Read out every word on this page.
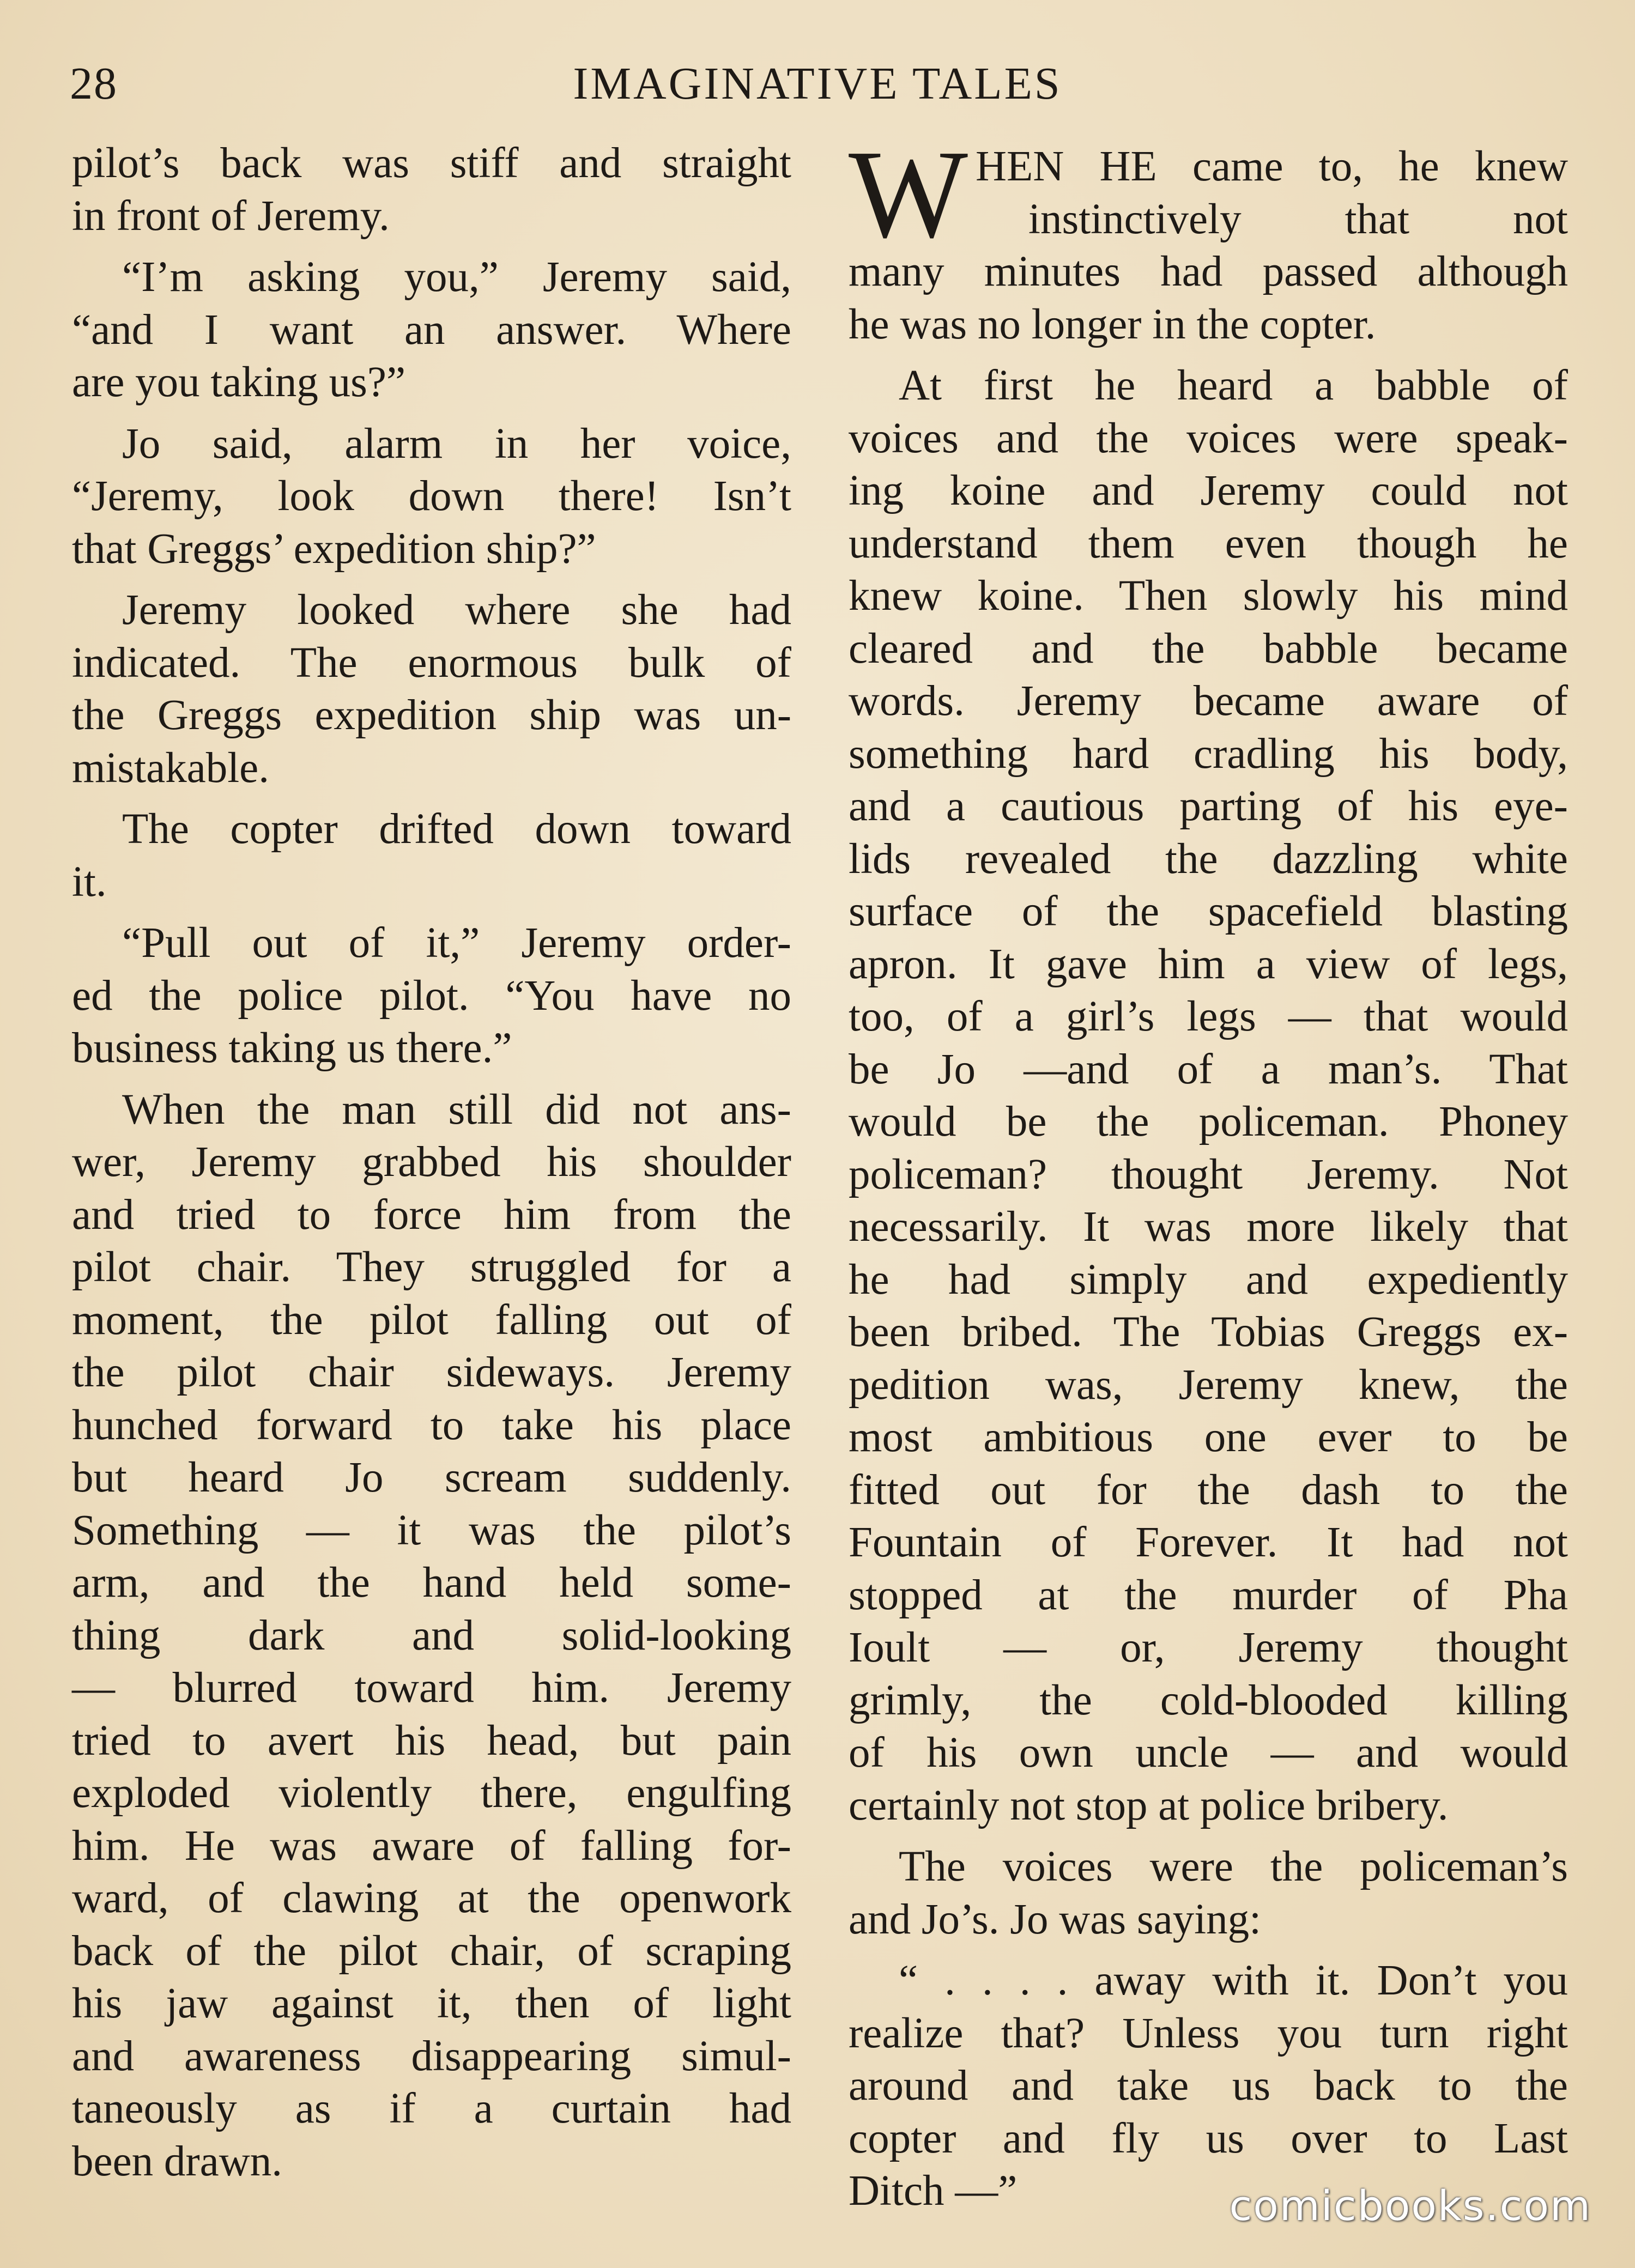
28	IMAGINATIVE TALES

pilot’s back was stiff and straight
in front of Jeremy.

“I’m asking you,” Jeremy said,
“and I want an answer. Where
are you taking us?”

Jo said, alarm in her voice,
“Jeremy, look down there! Isn’t
that Greggs’ expedition ship?”

Jeremy looked where she had
indicated. The enormous bulk of
the Greggs expedition ship was un-
mistakable.

The copter drifted down toward
it.

“Pull out of it,” Jeremy order-
ed the police pilot. “You have no
business taking us there.”

When the man still did not ans-
wer, Jeremy grabbed his shoulder
and tried to force him from the
pilot chair. They struggled for a
moment, the pilot falling out of
the pilot chair sideways. Jeremy
hunched forward to take his place
but heard Jo scream suddenly.
Something — it was the pilot’s
arm, and the hand held some-
thing dark and solid-looking
— blurred toward him. Jeremy
tried to avert his head, but pain
exploded violently there, engulfing
him. He was aware of falling for-
ward, of clawing at the openwork
back of the pilot chair, of scraping
his jaw against it, then of light
and awareness disappearing simul-
taneously as if a curtain had
been drawn.

W HEN HE came to, he knew
instinctively that not

many minutes had passed although
he was no longer in the copter.

At first he heard a babble of
voices and the voices were speak-
ing koine and Jeremy could not
understand them even though he
knew koine. Then slowly his mind
cleared and the babble became
words. Jeremy became aware of
something hard cradling his body,
and a cautious parting of his eye-
lids revealed the dazzling white
surface of the spacefield blasting
apron. It gave him a view of legs,
too, of a girl’s legs — that would
be Jo —and of a man’s. That
would be the policeman. Phoney
policeman? thought Jeremy. Not
necessarily. It was more likely that
he had simply and expediently
been bribed. The Tobias Greggs ex-
pedition was, Jeremy knew, the
most ambitious one ever to be
fitted out for the dash to the
Fountain of Forever. It had not
stopped at the murder of Pha
Ioult — or, Jeremy thought
grimly, the cold-blooded killing
of his own uncle — and would
certainly not stop at police bribery.

The voices were the policeman’s
and Jo’s. Jo was saying:

“ . . . . away with it. Don’t you
realize that? Unless you turn right
around and take us back to the
copter and fly us over to Last
Ditch —”	comicbooks.com
